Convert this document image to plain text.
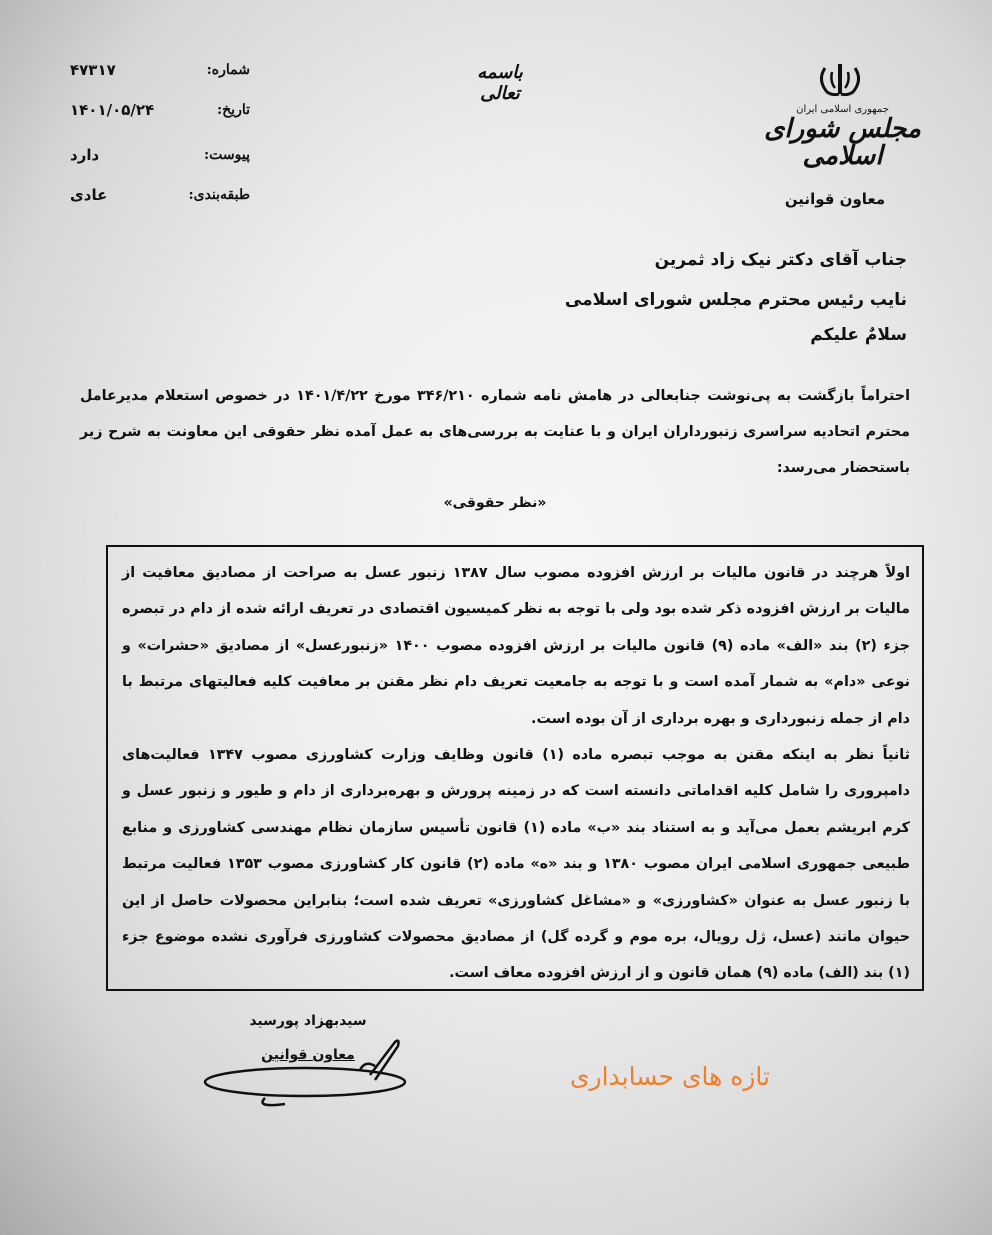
جمهوری اسلامی ایران
مجلس شورای اسلامی
معاون قوانین
باسمه تعالی
شماره:
۴۷۳۱۷
تاریخ:
۱۴۰۱/۰۵/۲۴
پیوست:
دارد
طبقه‌بندی:
عادی
جناب آقای دکتر نیک زاد ثمرین
نایب رئیس محترم مجلس شورای اسلامی
سلامٌ علیکم
احتراماً بازگشت به پی‌نوشت جنابعالی در هامش نامه شماره ۳۴۶/۲۱۰ مورخ ۱۴۰۱/۴/۲۲ در خصوص استعلام مدیرعامل محترم اتحادیه سراسری زنبورداران ایران و با عنایت به بررسی‌های به عمل آمده نظر حقوقی این معاونت به شرح زیر باستحضار می‌رسد:
«نظر حقوقی»

اولاً هرچند در قانون مالیات بر ارزش افزوده مصوب سال ۱۳۸۷ زنبور عسل به صراحت از مصادیق معافیت از مالیات بر ارزش افزوده ذکر شده بود ولی با توجه به نظر کمیسیون اقتصادی در تعریف ارائه شده از دام در تبصره جزء (۲) بند «الف» ماده (۹) قانون مالیات بر ارزش افزوده مصوب ۱۴۰۰ «زنبورعسل» از مصادیق «حشرات» و نوعی «دام» به شمار آمده است و با توجه به جامعیت تعریف دام نظر مقنن بر معافیت کلیه فعالیتهای مرتبط با دام از جمله زنبورداری و بهره برداری از آن بوده است.

ثانیاً نظر به اینکه مقنن به موجب تبصره ماده (۱) قانون وظایف وزارت کشاورزی مصوب ۱۳۴۷ فعالیت‌های دامپروری را شامل کلیه اقداماتی دانسته است که در زمینه پرورش و بهره‌برداری از دام و طیور و زنبور عسل و کرم ابریشم بعمل می‌آید و به استناد بند «ب» ماده (۱) قانون تأسیس سازمان نظام مهندسی کشاورزی و منابع طبیعی جمهوری اسلامی ایران مصوب ۱۳۸۰ و بند «ه» ماده (۲) قانون کار کشاورزی مصوب ۱۳۵۳ فعالیت مرتبط با زنبور عسل به عنوان «کشاورزی» و «مشاغل کشاورزی» تعریف شده است؛ بنابراین محصولات حاصل از این حیوان مانند (عسل، ژل رویال، بره موم و گرده گل) از مصادیق محصولات کشاورزی فرآوری نشده موضوع جزء (۱) بند (الف) ماده (۹) همان قانون و از ارزش افزوده معاف است.

سیدبهزاد پورسید
معاون قوانین
تازه های حسابداری
